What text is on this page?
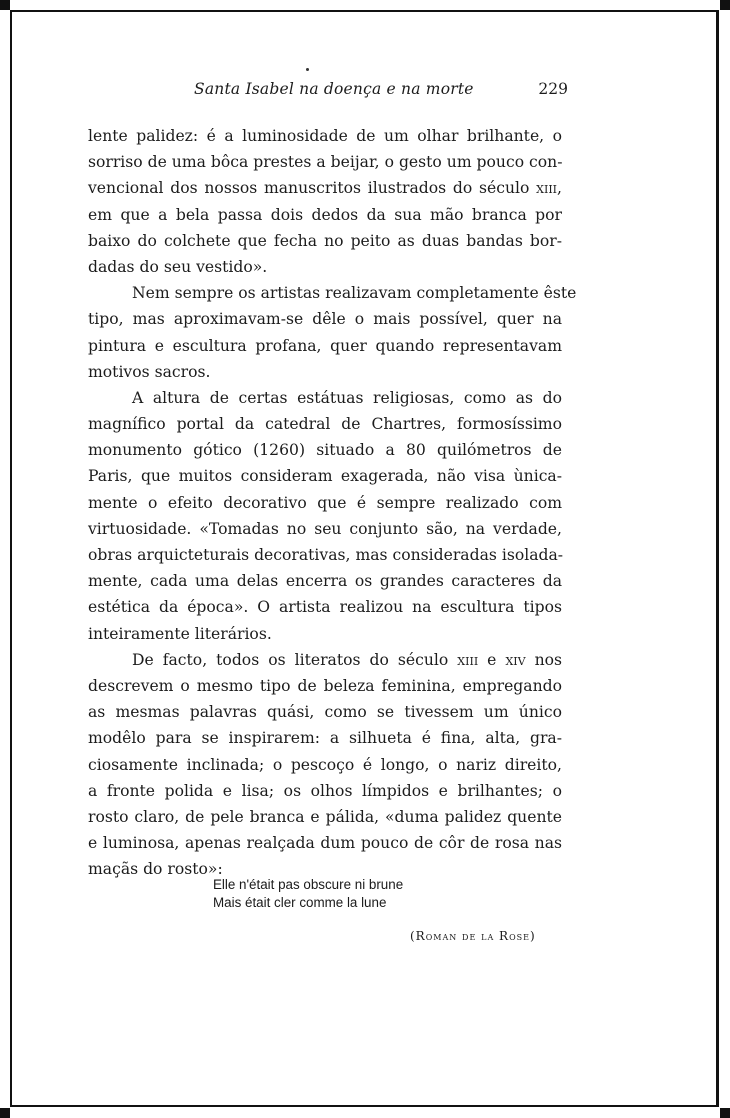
Santa Isabel na doença e na morte	229
lente palidez: é a luminosidade de um olhar brilhante, o
sorriso de uma bôca prestes a beijar, o gesto um pouco con-
vencional dos nossos manuscritos ilustrados do século xiii,
em que a bela passa dois dedos da sua mão branca por
baixo do colchete que fecha no peito as duas bandas bor-
dadas do seu vestido».
Nem sempre os artistas realizavam completamente êste
tipo, mas aproximavam-se dêle o mais possível, quer na
pintura e escultura profana, quer quando representavam
motivos sacros.
A altura de certas estátuas religiosas, como as do
magnífico portal da catedral de Chartres, formosíssimo
monumento gótico (1260) situado a 80 quilómetros de
Paris, que muitos consideram exagerada, não visa ùnica-
mente o efeito decorativo que é sempre realizado com
virtuosidade. «Tomadas no seu conjunto são, na verdade,
obras arquicteturais decorativas, mas consideradas isolada-
mente, cada uma delas encerra os grandes caracteres da
estética da época». O artista realizou na escultura tipos
inteiramente literários.
De facto, todos os literatos do século xiii e xiv nos
descrevem o mesmo tipo de beleza feminina, empregando
as mesmas palavras quási, como se tivessem um único
modêlo para se inspirarem: a silhueta é fina, alta, gra-
ciosamente inclinada; o pescoço é longo, o nariz direito,
a fronte polida e lisa; os olhos límpidos e brilhantes; o
rosto claro, de pele branca e pálida, «duma palidez quente
e luminosa, apenas realçada dum pouco de côr de rosa nas
maçãs do rosto»:
Elle n'était pas obscure ni brune
Mais était cler comme la lune
(Roman de la Rose)
